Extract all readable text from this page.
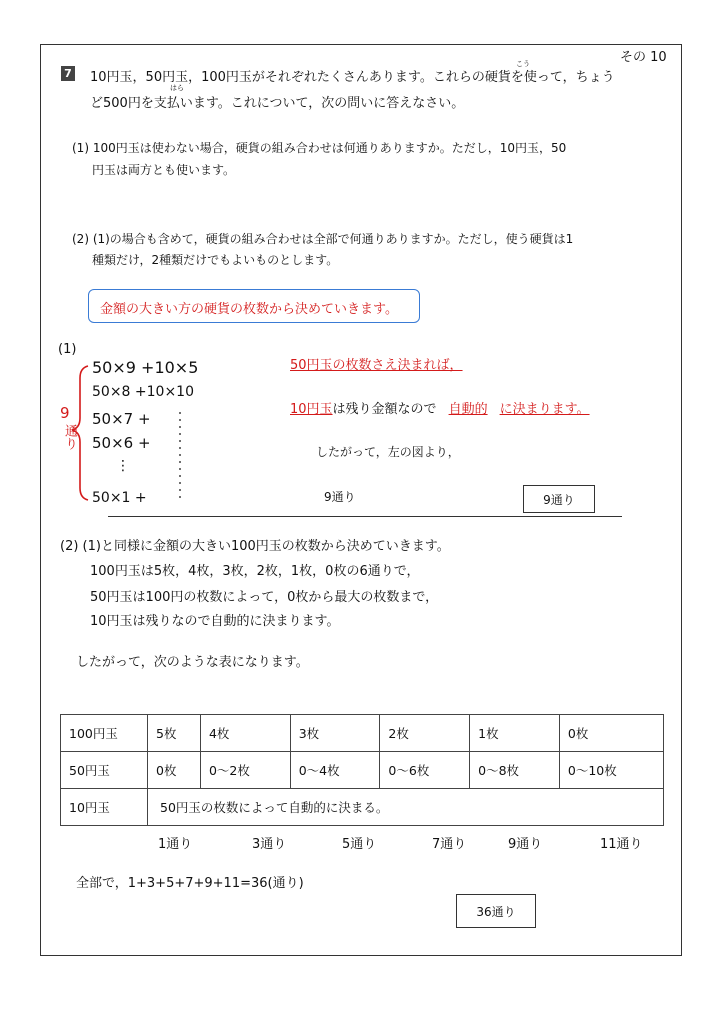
その 10
7
こう
はら
10円玉，50円玉，100円玉がそれぞれたくさんあります。これらの硬貨を使って，ちょう
ど500円を支払います。これについて，次の問いに答えなさい。
(1) 100円玉は使わない場合，硬貨の組み合わせは何通りありますか。ただし，10円玉，50
円玉は両方とも使います。
(2) (1)の場合も含めて，硬貨の組み合わせは全部で何通りありますか。ただし，使う硬貨は1
種類だけ，2種類だけでもよいものとします。
金額の大きい方の硬貨の枚数から決めていきます。
(1)
9
通り
50×9 +10×5
50×8 +10×10
50×7 +
50×6 +
⋮
50×1 +
50円玉の枚数さえ決まれば，
10円玉は残り金額なので 自動的 に決まります。
したがって，左の図より，
9通り	9通り
(2) (1)と同様に金額の大きい100円玉の枚数から決めていきます。
100円玉は5枚，4枚，3枚，2枚，1枚，0枚の6通りで，
50円玉は100円の枚数によって，0枚から最大の枚数まで，
10円玉は残りなので自動的に決まります。
したがって，次のような表になります。
100円玉	5枚	4枚	3枚	2枚	1枚	0枚
50円玉	0枚	0〜2枚	0〜4枚	0〜6枚	0〜8枚	0〜10枚
10円玉	50円玉の枚数によって自動的に決まる。					
1通り	3通り	5通り	7通り	9通り	11通り
全部で，1+3+5+7+9+11=36(通り)
36通り
